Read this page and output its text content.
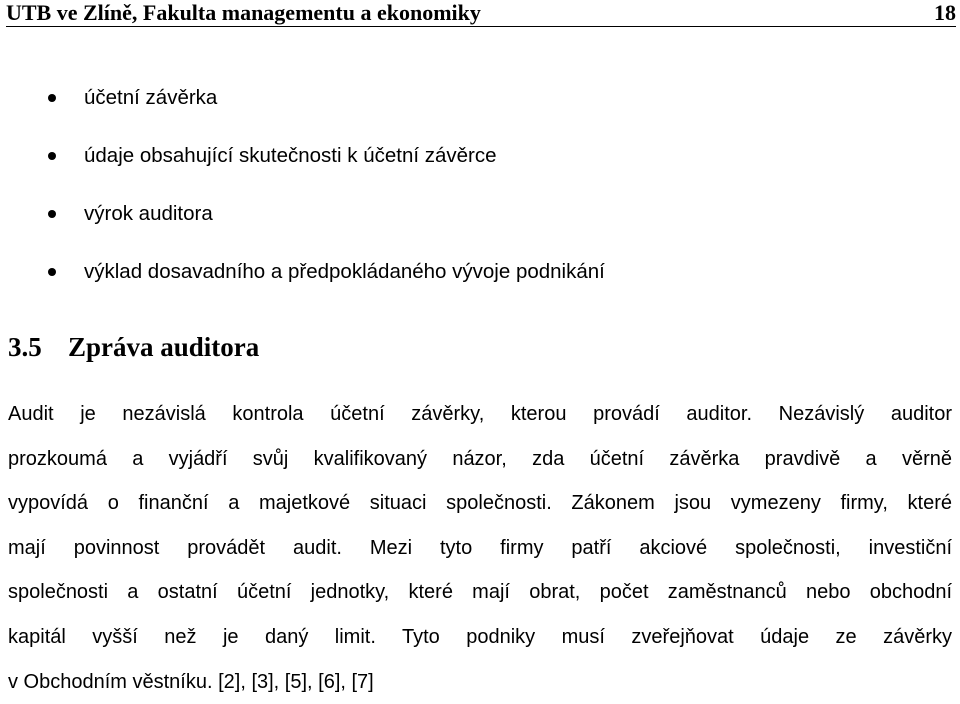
UTB ve Zlíně, Fakulta managementu a ekonomiky	18
účetní závěrka
údaje obsahující skutečnosti k účetní závěrce
výrok auditora
výklad dosavadního a předpokládaného vývoje podnikání
3.5 Zpráva auditora

Audit je nezávislá kontrola účetní závěrky, kterou provádí auditor. Nezávislý auditor
prozkoumá a vyjádří svůj kvalifikovaný názor, zda účetní závěrka pravdivě a věrně
vypovídá o finanční a majetkové situaci společnosti. Zákonem jsou vymezeny firmy, které
mají povinnost provádět audit. Mezi tyto firmy patří akciové společnosti, investiční
společnosti a ostatní účetní jednotky, které mají obrat, počet zaměstnanců nebo obchodní
kapitál vyšší než je daný limit. Tyto podniky musí zveřejňovat údaje ze závěrky
v Obchodním věstníku. [2], [3], [5], [6], [7]
